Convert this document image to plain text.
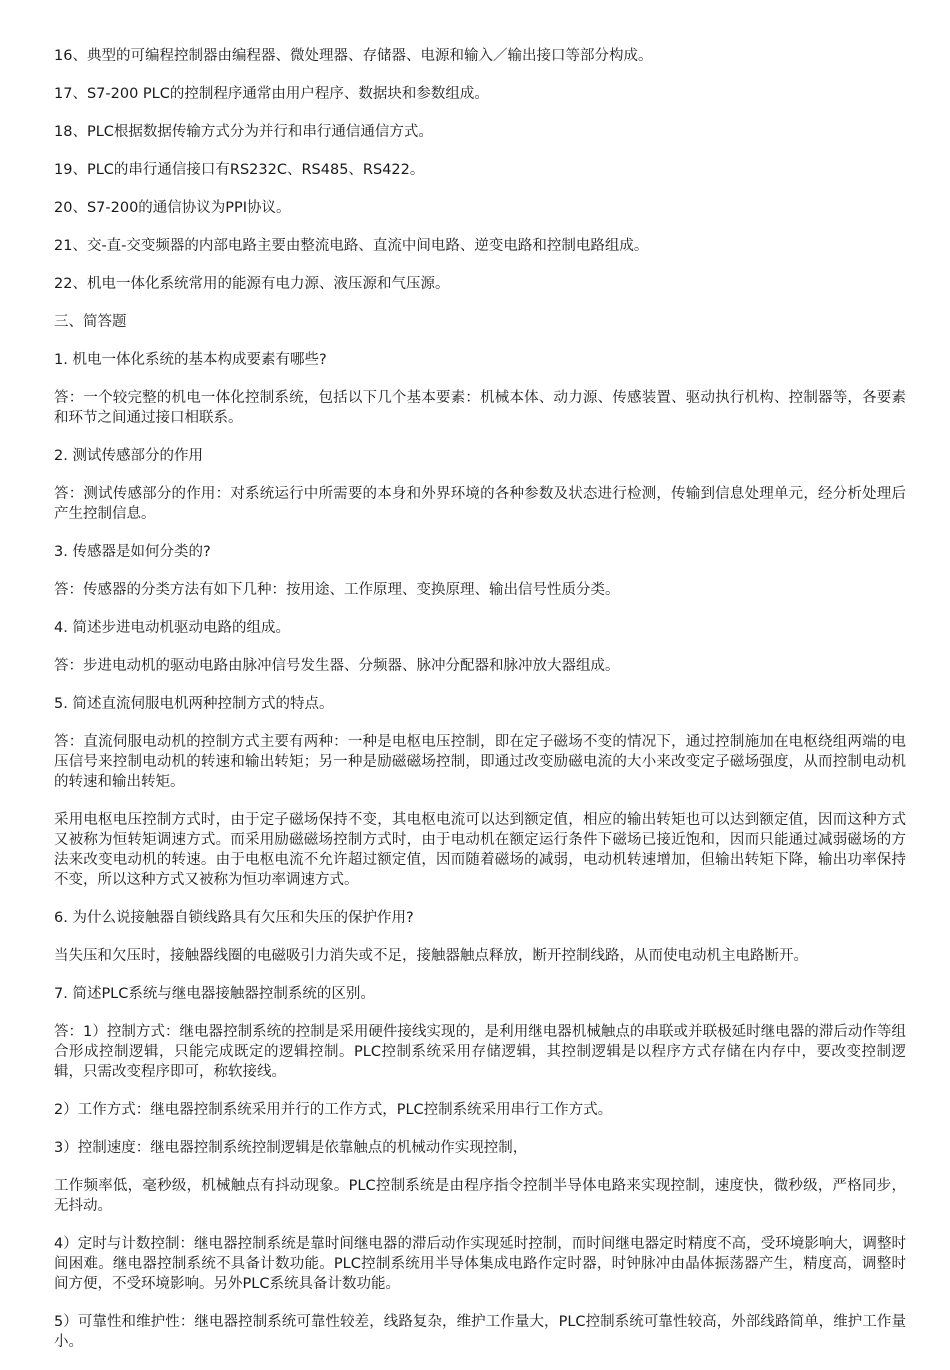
16、典型的可编程控制器由编程器、微处理器、存储器、电源和输入／输出接口等部分构成。

17、S7-200 PLC的控制程序通常由用户程序、数据块和参数组成。

18、PLC根据数据传输方式分为并行和串行通信通信方式。

19、PLC的串行通信接口有RS232C、RS485、RS422。

20、S7-200的通信协议为PPI协议。

21、交-直-交变频器的内部电路主要由整流电路、直流中间电路、逆变电路和控制电路组成。

22、机电一体化系统常用的能源有电力源、液压源和气压源。

三、简答题

1. 机电一体化系统的基本构成要素有哪些?

答：一个较完整的机电一体化控制系统，包括以下几个基本要素：机械本体、动力源、传感装置、驱动执行机构、控制器等，各要素和环节之间通过接口相联系。

2. 测试传感部分的作用

答：测试传感部分的作用：对系统运行中所需要的本身和外界环境的各种参数及状态进行检测，传输到信息处理单元，经分析处理后产生控制信息。

3. 传感器是如何分类的?

答：传感器的分类方法有如下几种：按用途、工作原理、变换原理、输出信号性质分类。

4. 简述步进电动机驱动电路的组成。

答：步进电动机的驱动电路由脉冲信号发生器、分频器、脉冲分配器和脉冲放大器组成。

5. 简述直流伺服电机两种控制方式的特点。

答：直流伺服电动机的控制方式主要有两种：一种是电枢电压控制，即在定子磁场不变的情况下，通过控制施加在电枢绕组两端的电压信号来控制电动机的转速和输出转矩；另一种是励磁磁场控制，即通过改变励磁电流的大小来改变定子磁场强度，从而控制电动机的转速和输出转矩。

采用电枢电压控制方式时，由于定子磁场保持不变，其电枢电流可以达到额定值，相应的输出转矩也可以达到额定值，因而这种方式又被称为恒转矩调速方式。而采用励磁磁场控制方式时，由于电动机在额定运行条件下磁场已接近饱和，因而只能通过减弱磁场的方法来改变电动机的转速。由于电枢电流不允许超过额定值，因而随着磁场的减弱，电动机转速增加，但输出转矩下降，输出功率保持不变，所以这种方式又被称为恒功率调速方式。

6. 为什么说接触器自锁线路具有欠压和失压的保护作用?

当失压和欠压时，接触器线圈的电磁吸引力消失或不足，接触器触点释放，断开控制线路，从而使电动机主电路断开。

7. 简述PLC系统与继电器接触器控制系统的区别。

答：1）控制方式：继电器控制系统的控制是采用硬件接线实现的，是利用继电器机械触点的串联或并联极延时继电器的滞后动作等组合形成控制逻辑，只能完成既定的逻辑控制。PLC控制系统采用存储逻辑，其控制逻辑是以程序方式存储在内存中，要改变控制逻辑，只需改变程序即可，称软接线。

2）工作方式：继电器控制系统采用并行的工作方式，PLC控制系统采用串行工作方式。

3）控制速度：继电器控制系统控制逻辑是依靠触点的机械动作实现控制，

工作频率低，毫秒级，机械触点有抖动现象。PLC控制系统是由程序指令控制半导体电路来实现控制，速度快，微秒级，严格同步，无抖动。

4）定时与计数控制：继电器控制系统是靠时间继电器的滞后动作实现延时控制，而时间继电器定时精度不高，受环境影响大，调整时间困难。继电器控制系统不具备计数功能。PLC控制系统用半导体集成电路作定时器，时钟脉冲由晶体振荡器产生，精度高，调整时间方便，不受环境影响。另外PLC系统具备计数功能。

5）可靠性和维护性：继电器控制系统可靠性较差，线路复杂，维护工作量大，PLC控制系统可靠性较高，外部线路简单，维护工作量小。
